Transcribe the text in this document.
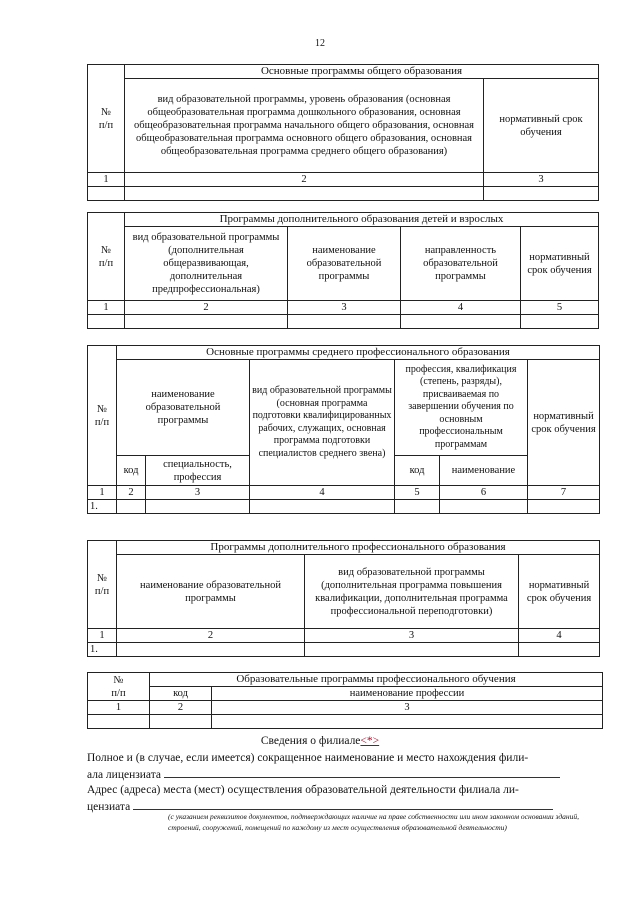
12
№
п/п	Основные программы общего образования	
	вид образовательной программы, уровень образования (основная общеобразовательная программа дошкольного образования, основная общеобразовательная программа начального общего образования, основная общеобразовательная программа основного общего образования, основная общеобразовательная программа среднего общего образования)	нормативный срок обучения
1	2	3

№
п/п	Программы дополнительного образования детей и взрослых			
	вид образовательной программы (дополнительная общеразвивающая, дополнительная предпрофессиональная)	наименование образовательной программы	направленность образовательной программы	нормативный срок обучения
1	2	3	4	5

№
п/п	Основные программы среднего профессионального образования					
	наименование образовательной программы		вид образовательной программы (основная программа подготовки квалифицированных рабочих, служащих, основная программа подготовки специалистов среднего звена)	профессия, квалификация (степень, разряды), присваиваемая по завершении обучения по основным профессиональным программам		нормативный срок обучения
	код	специальность, профессия		код	наименование	
1	2	3	4	5	6	7
1.						
№
п/п	Программы дополнительного профессионального образования		
	наименование образовательной программы	вид образовательной программы (дополнительная программа повышения квалификации, дополнительная программа профессиональной переподготовки)	нормативный срок обучения
1	2	3	4
1.			
№
п/п	Образовательные программы профессионального обучения	
	код	наименование профессии
1	2	3

Сведения о филиале<*>
Полное и (в случае, если имеется) сокращенное наименование и место нахождения фили-
ала лицензиата
Адрес (адреса) места (мест) осуществления образовательной деятельности филиала ли-
цензиата
(с указанием реквизитов документов, подтверждающих наличие на праве собственности или ином законном основании зданий, строений, сооружений, помещений по каждому из мест осуществления образовательной деятельности)
